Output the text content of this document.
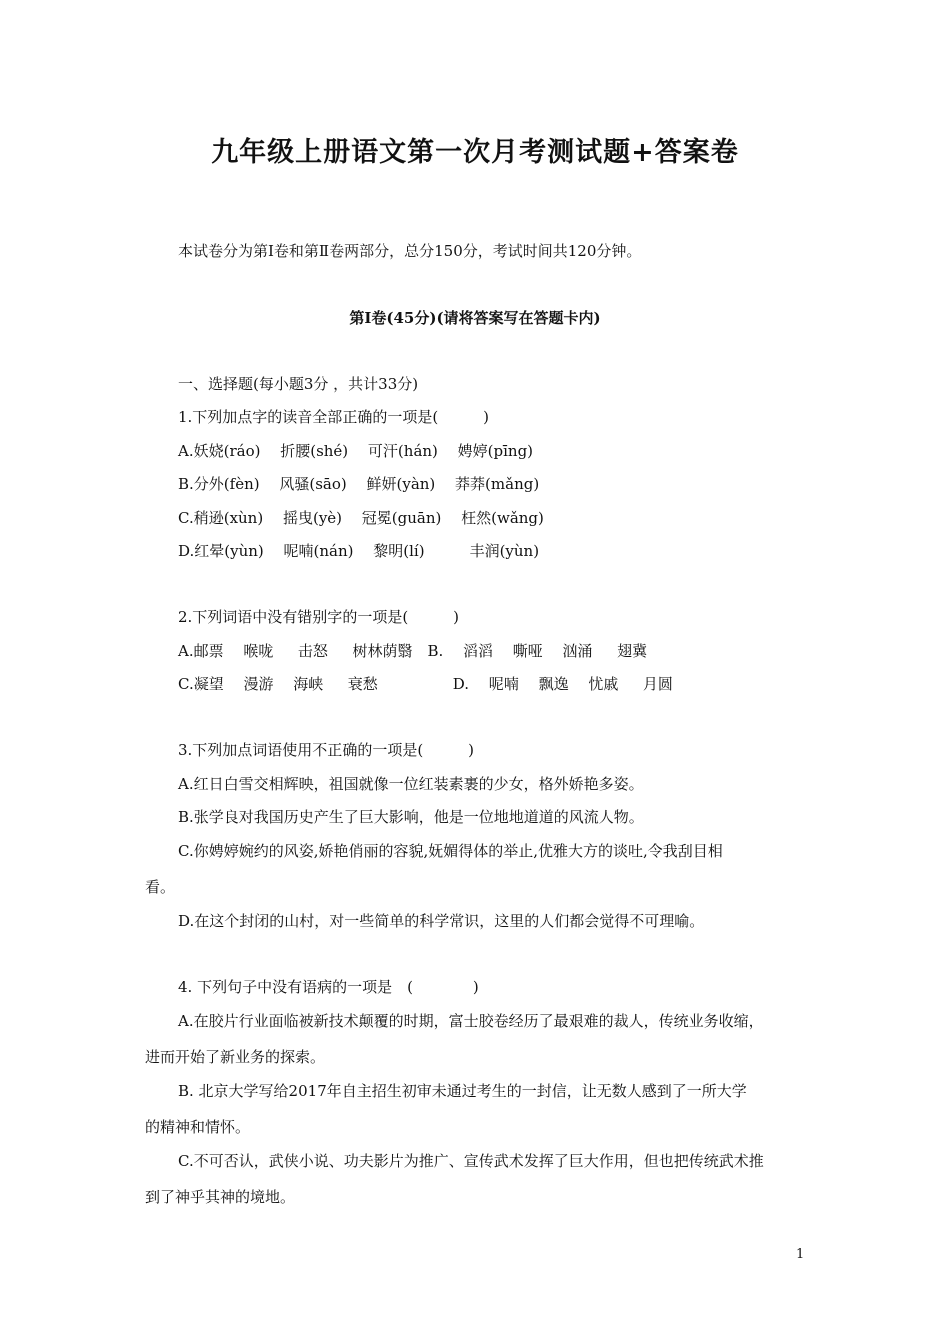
九年级上册语文第一次月考测试题+答案卷
本试卷分为第Ⅰ卷和第Ⅱ卷两部分，总分150分，考试时间共120分钟。
第Ⅰ卷(45分)(请将答案写在答题卡内)
一、选择题(每小题3分 ，共计33分)
1.下列加点字的读音全部正确的一项是(　　　)
A.妖娆(ráo)　 折腰(shé)　 可汗(hán)　 娉婷(pīng)
B.分外(fèn)　 风骚(sāo)　 鲜妍(yàn)　 莽莽(mǎng)
C.稍逊(xùn)　 摇曳(yè)　 冠冕(guān)　 枉然(wǎng)
D.红晕(yùn)　 呢喃(nán)　 黎明(lí)　　　丰润(yùn)
2.下列词语中没有错别字的一项是(　　　)
A.邮票　 喉咙　  击怒　  树林荫翳　B.　 滔滔　 嘶哑　 汹涌　  翅冀
C.凝望　 漫游　 海峡　  衰愁　　　　　D.　 呢喃　 飘逸　 忧戚　  月圆
3.下列加点词语使用不正确的一项是(　　　)
A.红日白雪交相辉映，祖国就像一位红装素裹的少女，格外娇艳多姿。
B.张学良对我国历史产生了巨大影响，他是一位地地道道的风流人物。
C.你娉婷婉约的风姿,娇艳俏丽的容貌,妩媚得体的举止,优雅大方的谈吐,令我刮目相
看。
D.在这个封闭的山村，对一些简单的科学常识，这里的人们都会觉得不可理喻。
4. 下列句子中没有语病的一项是　(　　　　)
A.在胶片行业面临被新技术颠覆的时期，富士胶卷经历了最艰难的裁人，传统业务收缩，
进而开始了新业务的探索。
B. 北京大学写给2017年自主招生初审未通过考生的一封信，让无数人感到了一所大学
的精神和情怀。
C.不可否认，武侠小说、功夫影片为推广、宣传武术发挥了巨大作用，但也把传统武术推
到了神乎其神的境地。
1
